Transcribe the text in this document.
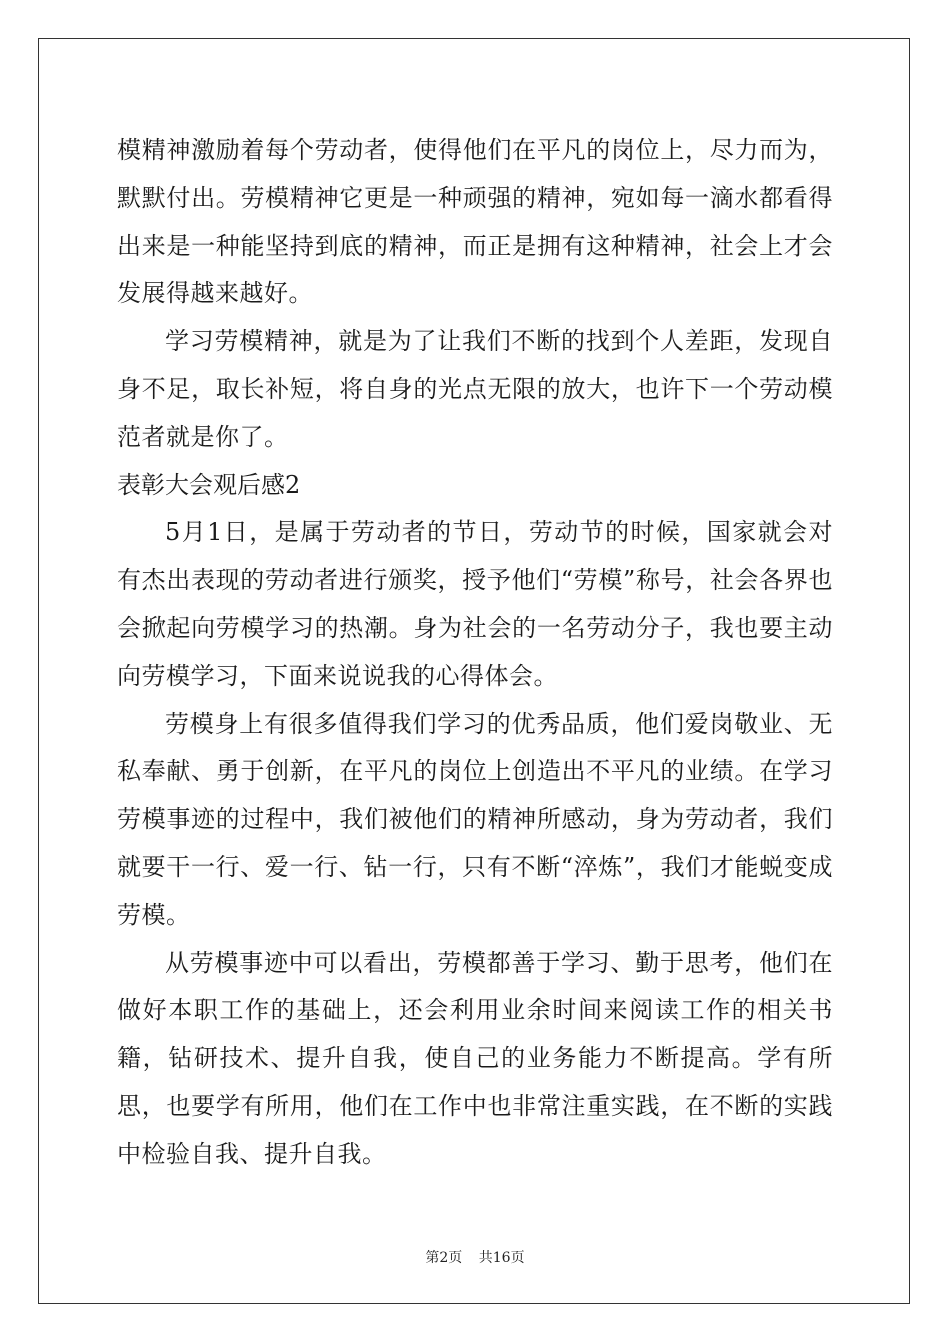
模精神激励着每个劳动者，使得他们在平凡的岗位上，尽力而为，默默付出。劳模精神它更是一种顽强的精神，宛如每一滴水都看得出来是一种能坚持到底的精神，而正是拥有这种精神，社会上才会发展得越来越好。

学习劳模精神，就是为了让我们不断的找到个人差距，发现自身不足，取长补短，将自身的光点无限的放大，也许下一个劳动模范者就是你了。

表彰大会观后感2

5月1日，是属于劳动者的节日，劳动节的时候，国家就会对有杰出表现的劳动者进行颁奖，授予他们“劳模”称号，社会各界也会掀起向劳模学习的热潮。身为社会的一名劳动分子，我也要主动向劳模学习，下面来说说我的心得体会。

劳模身上有很多值得我们学习的优秀品质，他们爱岗敬业、无私奉献、勇于创新，在平凡的岗位上创造出不平凡的业绩。在学习劳模事迹的过程中，我们被他们的精神所感动，身为劳动者，我们就要干一行、爱一行、钻一行，只有不断“淬炼”，我们才能蜕变成劳模。

从劳模事迹中可以看出，劳模都善于学习、勤于思考，他们在做好本职工作的基础上，还会利用业余时间来阅读工作的相关书籍，钻研技术、提升自我，使自己的业务能力不断提高。学有所思，也要学有所用，他们在工作中也非常注重实践，在不断的实践中检验自我、提升自我。

第2页 共16页
